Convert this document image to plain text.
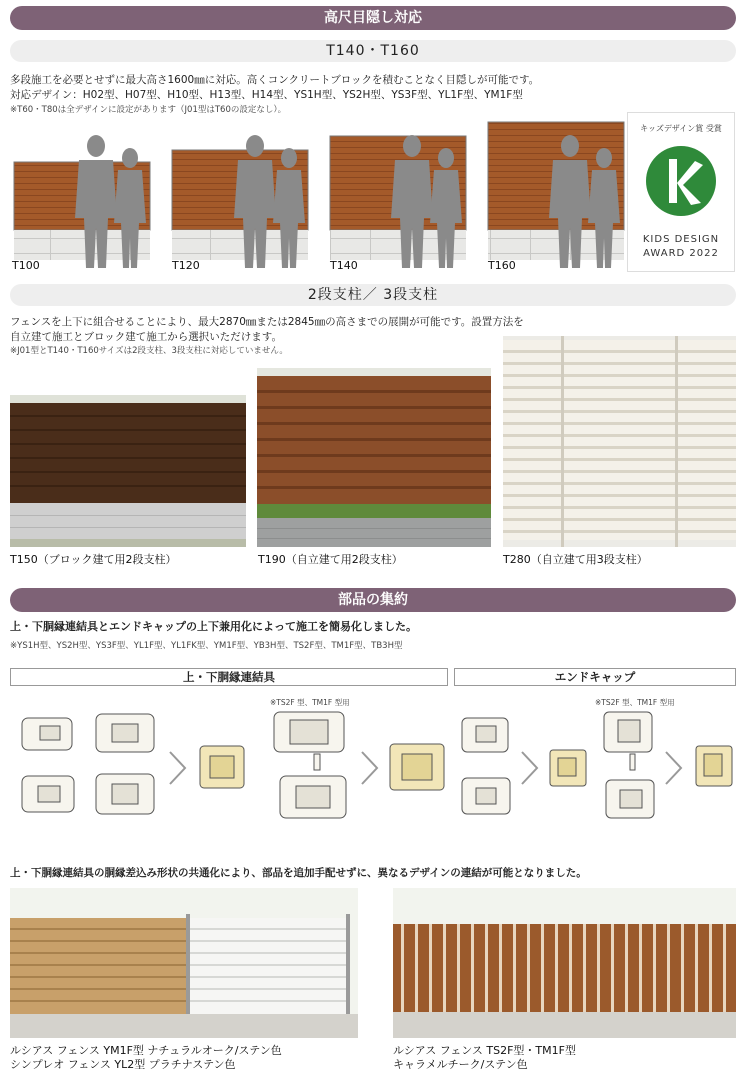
高尺目隠し対応
T140・T160
多段施工を必要とせずに最大高さ1600㎜に対応。高くコンクリートブロックを積むことなく目隠しが可能です。
対応デザイン：H02型、H07型、H10型、H13型、H14型、YS1H型、YS2H型、YS3F型、YL1F型、YM1F型
※T60・T80は全デザインに設定があります（J01型はT60の設定なし）。
T100	T120	T140	T160
キッズデザイン賞 受賞
KIDS DESIGN
AWARD 2022
2段支柱／ 3段支柱
フェンスを上下に組合せることにより、最大2870㎜または2845㎜の高さまでの展開が可能です。設置方法を
自立建て施工とブロック建て施工から選択いただけます。
※J01型とT140・T160サイズは2段支柱、3段支柱に対応していません。
T150（ブロック建て用2段支柱）	T190（自立建て用2段支柱）	T280（自立建て用3段支柱）
部品の集約
上・下胴縁連結具とエンドキャップの上下兼用化によって施工を簡易化しました。
※YS1H型、YS2H型、YS3F型、YL1F型、YL1FK型、YM1F型、YB3H型、TS2F型、TM1F型、TB3H型
上・下胴縁連結具	エンドキャップ
※TS2F 型、TM1F 型用	※TS2F 型、TM1F 型用
上・下胴縁連結具の胴縁差込み形状の共通化により、部品を追加手配せずに、異なるデザインの連結が可能となりました。
ルシアス フェンス YM1F型 ナチュラルオーク/ステン色
シンプレオ フェンス YL2型 プラチナステン色
ルシアス フェンス TS2F型・TM1F型
キャラメルチーク/ステン色
